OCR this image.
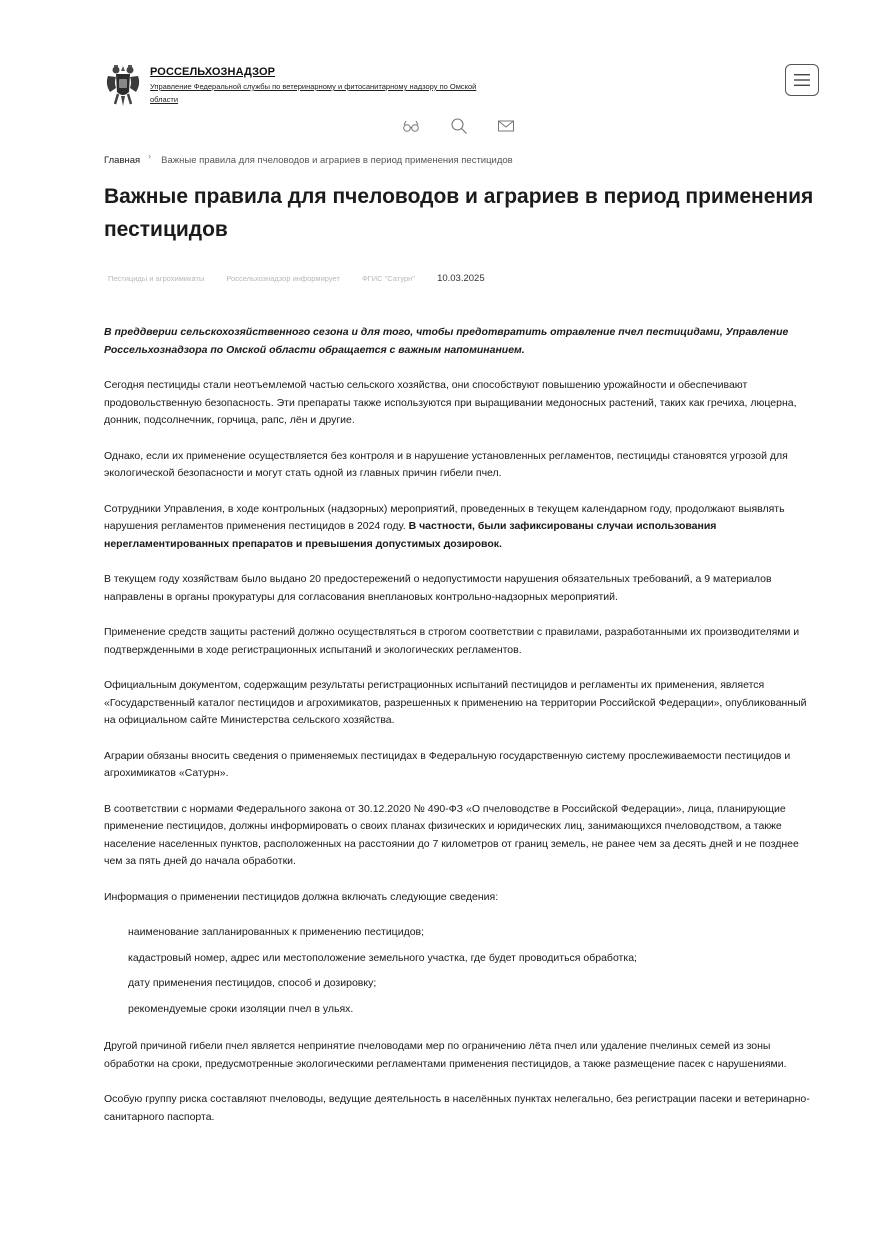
РОССЕЛЬХОЗНАДЗОР
Управление Федеральной службы по ветеринарному и фитосанитарному надзору по Омской области
Главная › Важные правила для пчеловодов и аграриев в период применения пестицидов
Важные правила для пчеловодов и аграриев в период применения пестицидов
Пестициды и агрохимикаты	Россельхознадзор информирует	ФГИС "Сатурн" 10.03.2025

В преддверии сельскохозяйственного сезона и для того, чтобы предотвратить отравление пчел пестицидами, Управление Россельхознадзора по Омской области обращается с важным напоминанием.

Сегодня пестициды стали неотъемлемой частью сельского хозяйства, они способствуют повышению урожайности и обеспечивают продовольственную безопасность. Эти препараты также используются при выращивании медоносных растений, таких как гречиха, люцерна, донник, подсолнечник, горчица, рапс, лён и другие.

Однако, если их применение осуществляется без контроля и в нарушение установленных регламентов, пестициды становятся угрозой для экологической безопасности и могут стать одной из главных причин гибели пчел.

Сотрудники Управления, в ходе контрольных (надзорных) мероприятий, проведенных в текущем календарном году, продолжают выявлять нарушения регламентов применения пестицидов в 2024 году. В частности, были зафиксированы случаи использования нерегламентированных препаратов и превышения допустимых дозировок.

В текущем году хозяйствам было выдано 20 предостережений о недопустимости нарушения обязательных требований, а 9 материалов направлены в органы прокуратуры для согласования внеплановых контрольно-надзорных мероприятий.

Применение средств защиты растений должно осуществляться в строгом соответствии с правилами, разработанными их производителями и подтвержденными в ходе регистрационных испытаний и экологических регламентов.

Официальным документом, содержащим результаты регистрационных испытаний пестицидов и регламенты их применения, является «Государственный каталог пестицидов и агрохимикатов, разрешенных к применению на территории Российской Федерации», опубликованный на официальном сайте Министерства сельского хозяйства.

Аграрии обязаны вносить сведения о применяемых пестицидах в Федеральную государственную систему прослеживаемости пестицидов и агрохимикатов «Сатурн».

В соответствии с нормами Федерального закона от 30.12.2020 № 490-ФЗ «О пчеловодстве в Российской Федерации», лица, планирующие применение пестицидов, должны информировать о своих планах физических и юридических лиц, занимающихся пчеловодством, а также население населенных пунктов, расположенных на расстоянии до 7 километров от границ земель, не ранее чем за десять дней и не позднее чем за пять дней до начала обработки.

Информация о применении пестицидов должна включать следующие сведения:

наименование запланированных к применению пестицидов;
кадастровый номер, адрес или местоположение земельного участка, где будет проводиться обработка;
дату применения пестицидов, способ и дозировку;
рекомендуемые сроки изоляции пчел в ульях.

Другой причиной гибели пчел является непринятие пчеловодами мер по ограничению лёта пчел или удаление пчелиных семей из зоны обработки на сроки, предусмотренные экологическими регламентами применения пестицидов, а также размещение пасек с нарушениями.

Особую группу риска составляют пчеловоды, ведущие деятельность в населённых пунктах нелегально, без регистрации пасеки и ветеринарно-санитарного паспорта.
